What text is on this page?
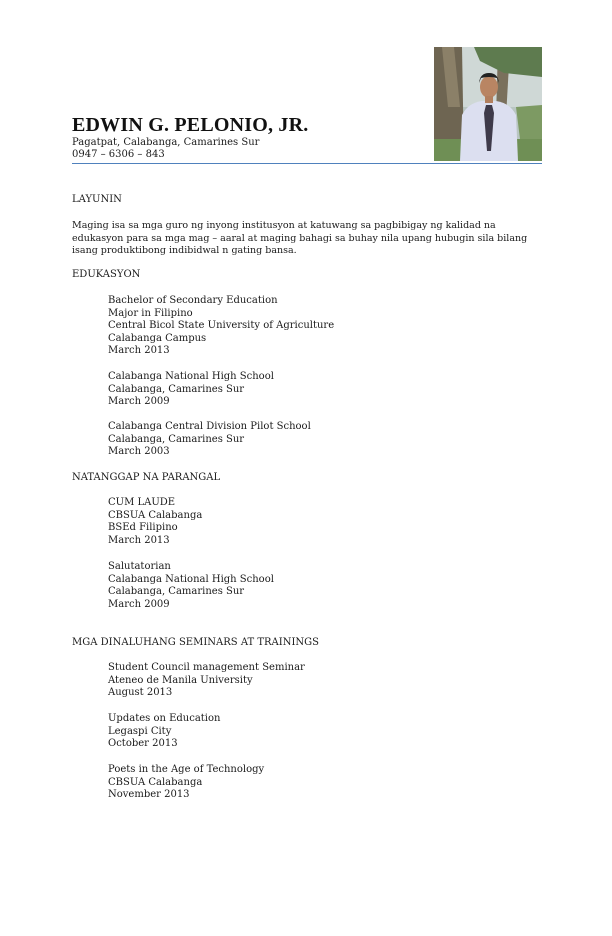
EDWIN G. PELONIO, JR.
Pagatpat, Calabanga, Camarines Sur
0947 – 6306 – 843
LAYUNIN

Maging isa sa mga guro ng inyong institusyon at katuwang sa pagbibigay ng kalidad na edukasyon para sa mga mag – aaral at maging bahagi sa buhay nila upang hubugin sila bilang isang produktibong indibidwal n gating bansa.

EDUKASYON
Bachelor of Secondary Education
Major in Filipino
Central Bicol State University of Agriculture
Calabanga Campus
March 2013
Calabanga National High School
Calabanga, Camarines Sur
March 2009
Calabanga Central Division Pilot School
Calabanga, Camarines Sur
March 2003
NATANGGAP NA PARANGAL
CUM LAUDE
CBSUA Calabanga
BSEd Filipino
March 2013
Salutatorian
Calabanga National High School
Calabanga, Camarines Sur
March 2009
MGA DINALUHANG SEMINARS AT TRAININGS
Student Council management Seminar
Ateneo de Manila University
August 2013
Updates on Education
Legaspi City
October 2013
Poets in the Age of Technology
CBSUA Calabanga
November 2013
